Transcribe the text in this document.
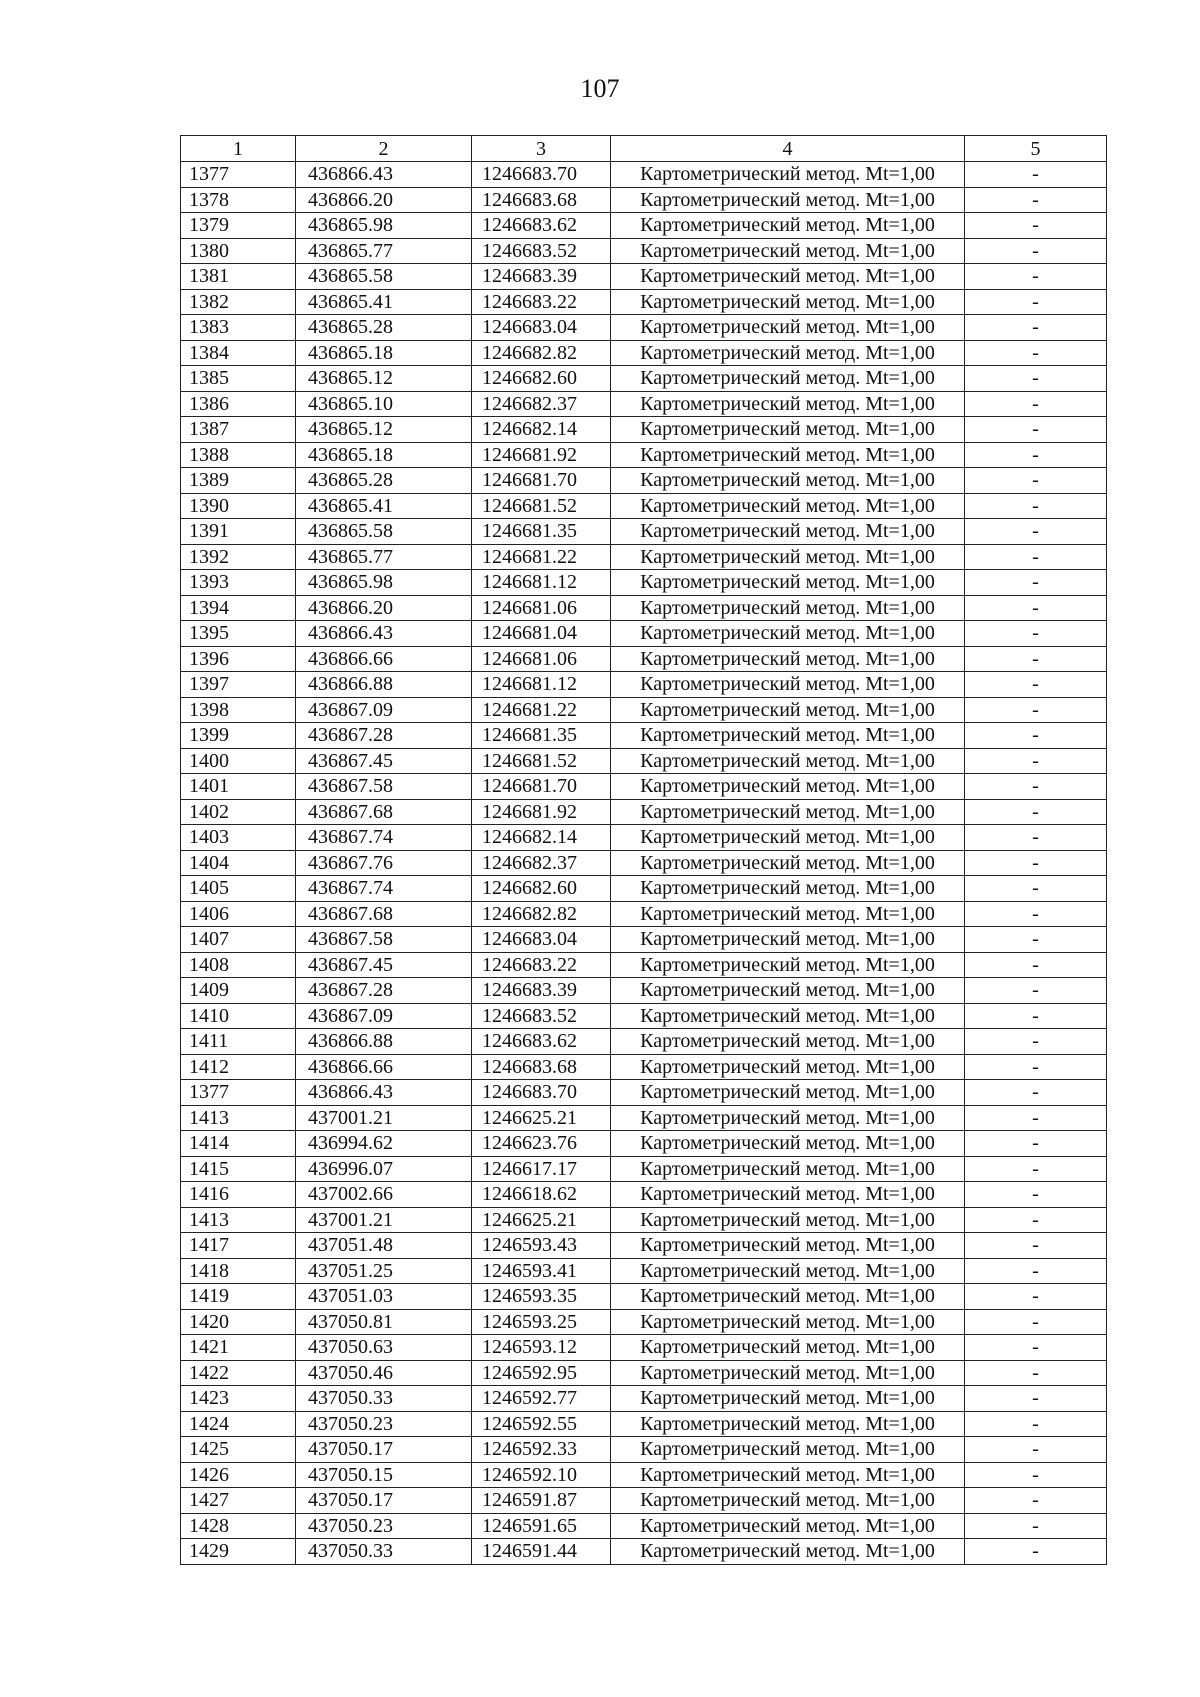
107
1	2	3	4	5
1377	436866.43	1246683.70	Картометрический метод. Mt=1,00	-
1378	436866.20	1246683.68	Картометрический метод. Mt=1,00	-
1379	436865.98	1246683.62	Картометрический метод. Mt=1,00	-
1380	436865.77	1246683.52	Картометрический метод. Mt=1,00	-
1381	436865.58	1246683.39	Картометрический метод. Mt=1,00	-
1382	436865.41	1246683.22	Картометрический метод. Mt=1,00	-
1383	436865.28	1246683.04	Картометрический метод. Mt=1,00	-
1384	436865.18	1246682.82	Картометрический метод. Mt=1,00	-
1385	436865.12	1246682.60	Картометрический метод. Mt=1,00	-
1386	436865.10	1246682.37	Картометрический метод. Mt=1,00	-
1387	436865.12	1246682.14	Картометрический метод. Mt=1,00	-
1388	436865.18	1246681.92	Картометрический метод. Mt=1,00	-
1389	436865.28	1246681.70	Картометрический метод. Mt=1,00	-
1390	436865.41	1246681.52	Картометрический метод. Mt=1,00	-
1391	436865.58	1246681.35	Картометрический метод. Mt=1,00	-
1392	436865.77	1246681.22	Картометрический метод. Mt=1,00	-
1393	436865.98	1246681.12	Картометрический метод. Mt=1,00	-
1394	436866.20	1246681.06	Картометрический метод. Mt=1,00	-
1395	436866.43	1246681.04	Картометрический метод. Mt=1,00	-
1396	436866.66	1246681.06	Картометрический метод. Mt=1,00	-
1397	436866.88	1246681.12	Картометрический метод. Mt=1,00	-
1398	436867.09	1246681.22	Картометрический метод. Mt=1,00	-
1399	436867.28	1246681.35	Картометрический метод. Mt=1,00	-
1400	436867.45	1246681.52	Картометрический метод. Mt=1,00	-
1401	436867.58	1246681.70	Картометрический метод. Mt=1,00	-
1402	436867.68	1246681.92	Картометрический метод. Mt=1,00	-
1403	436867.74	1246682.14	Картометрический метод. Mt=1,00	-
1404	436867.76	1246682.37	Картометрический метод. Mt=1,00	-
1405	436867.74	1246682.60	Картометрический метод. Mt=1,00	-
1406	436867.68	1246682.82	Картометрический метод. Mt=1,00	-
1407	436867.58	1246683.04	Картометрический метод. Mt=1,00	-
1408	436867.45	1246683.22	Картометрический метод. Mt=1,00	-
1409	436867.28	1246683.39	Картометрический метод. Mt=1,00	-
1410	436867.09	1246683.52	Картометрический метод. Mt=1,00	-
1411	436866.88	1246683.62	Картометрический метод. Mt=1,00	-
1412	436866.66	1246683.68	Картометрический метод. Mt=1,00	-
1377	436866.43	1246683.70	Картометрический метод. Mt=1,00	-
1413	437001.21	1246625.21	Картометрический метод. Mt=1,00	-
1414	436994.62	1246623.76	Картометрический метод. Mt=1,00	-
1415	436996.07	1246617.17	Картометрический метод. Mt=1,00	-
1416	437002.66	1246618.62	Картометрический метод. Mt=1,00	-
1413	437001.21	1246625.21	Картометрический метод. Mt=1,00	-
1417	437051.48	1246593.43	Картометрический метод. Mt=1,00	-
1418	437051.25	1246593.41	Картометрический метод. Mt=1,00	-
1419	437051.03	1246593.35	Картометрический метод. Mt=1,00	-
1420	437050.81	1246593.25	Картометрический метод. Mt=1,00	-
1421	437050.63	1246593.12	Картометрический метод. Mt=1,00	-
1422	437050.46	1246592.95	Картометрический метод. Mt=1,00	-
1423	437050.33	1246592.77	Картометрический метод. Mt=1,00	-
1424	437050.23	1246592.55	Картометрический метод. Mt=1,00	-
1425	437050.17	1246592.33	Картометрический метод. Mt=1,00	-
1426	437050.15	1246592.10	Картометрический метод. Mt=1,00	-
1427	437050.17	1246591.87	Картометрический метод. Mt=1,00	-
1428	437050.23	1246591.65	Картометрический метод. Mt=1,00	-
1429	437050.33	1246591.44	Картометрический метод. Mt=1,00	-
